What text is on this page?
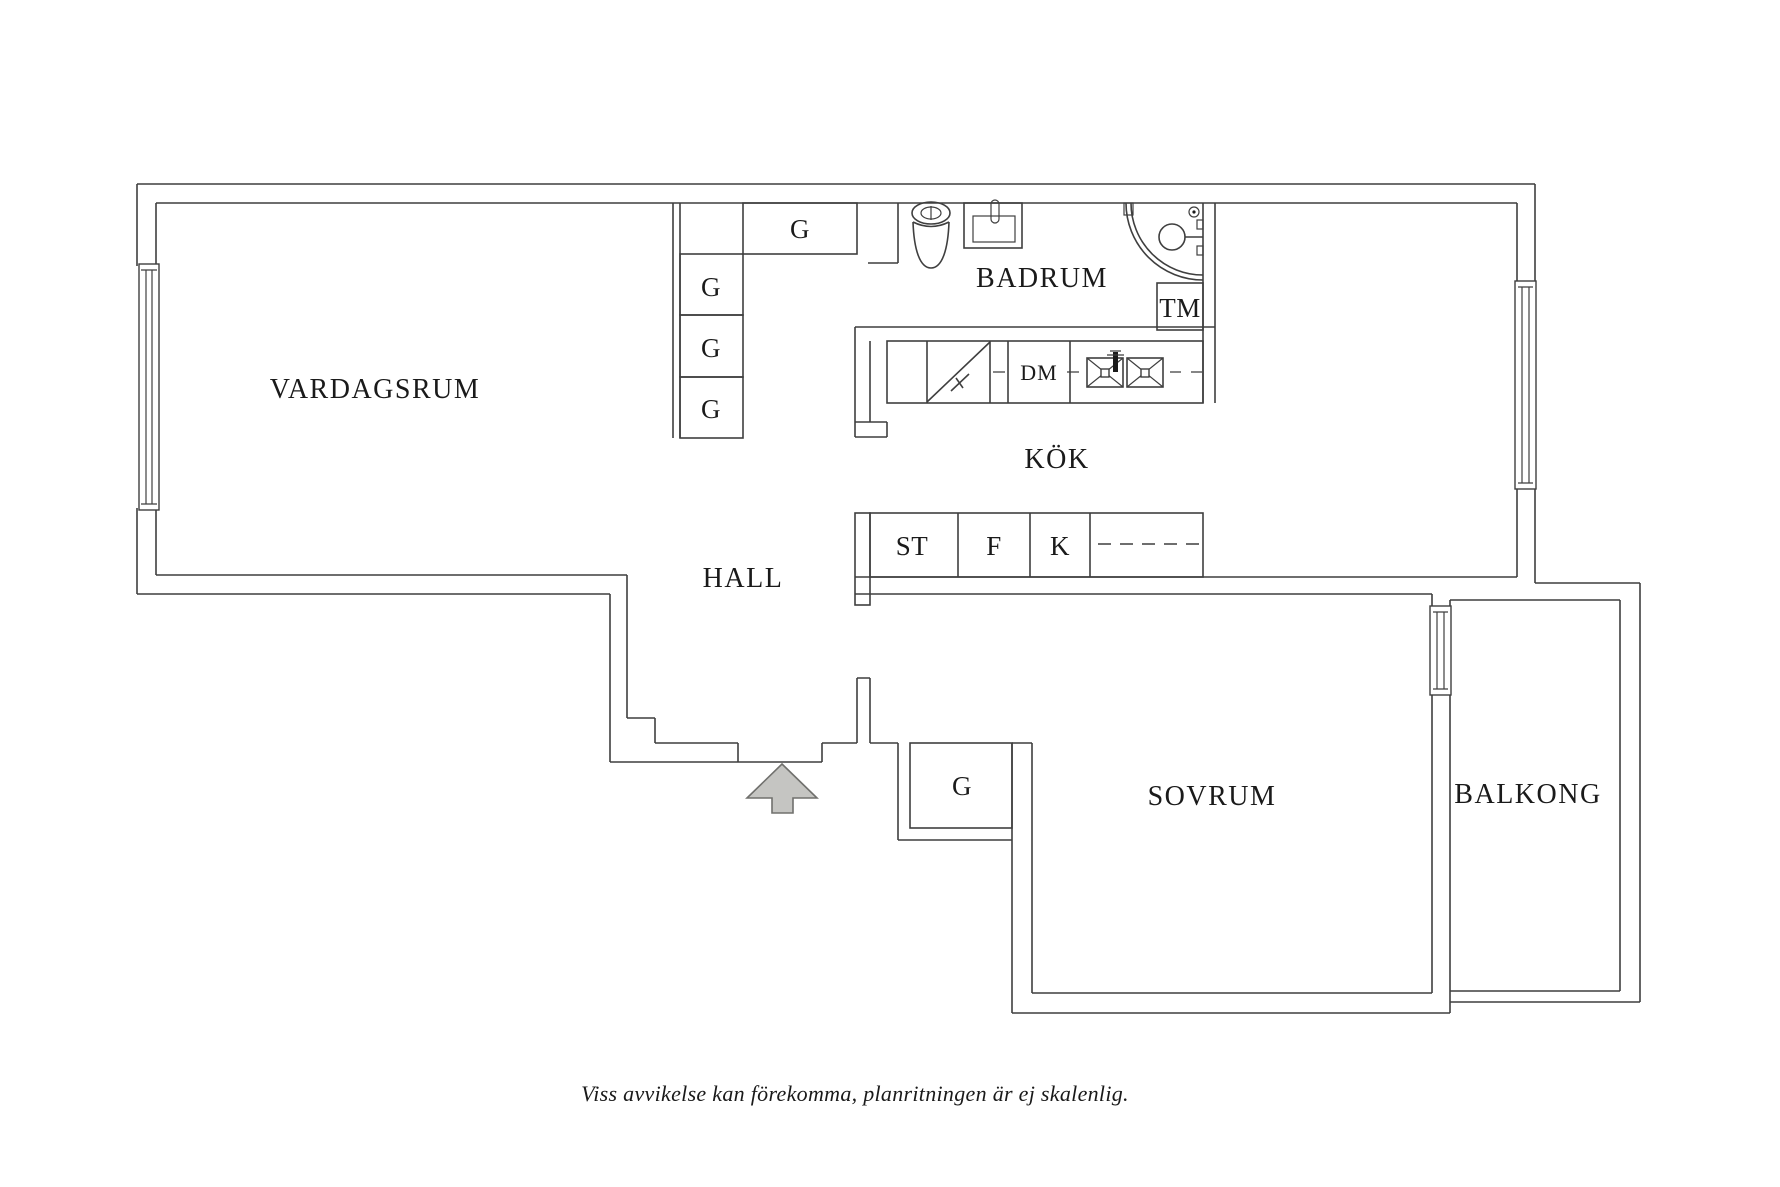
VARDAGSRUM
HALL
BADRUM
KÖK
SOVRUM	BALKONG
G
G
G
G
G
TM
DM
ST F K
Viss avvikelse kan förekomma, planritningen är ej skalenlig.
